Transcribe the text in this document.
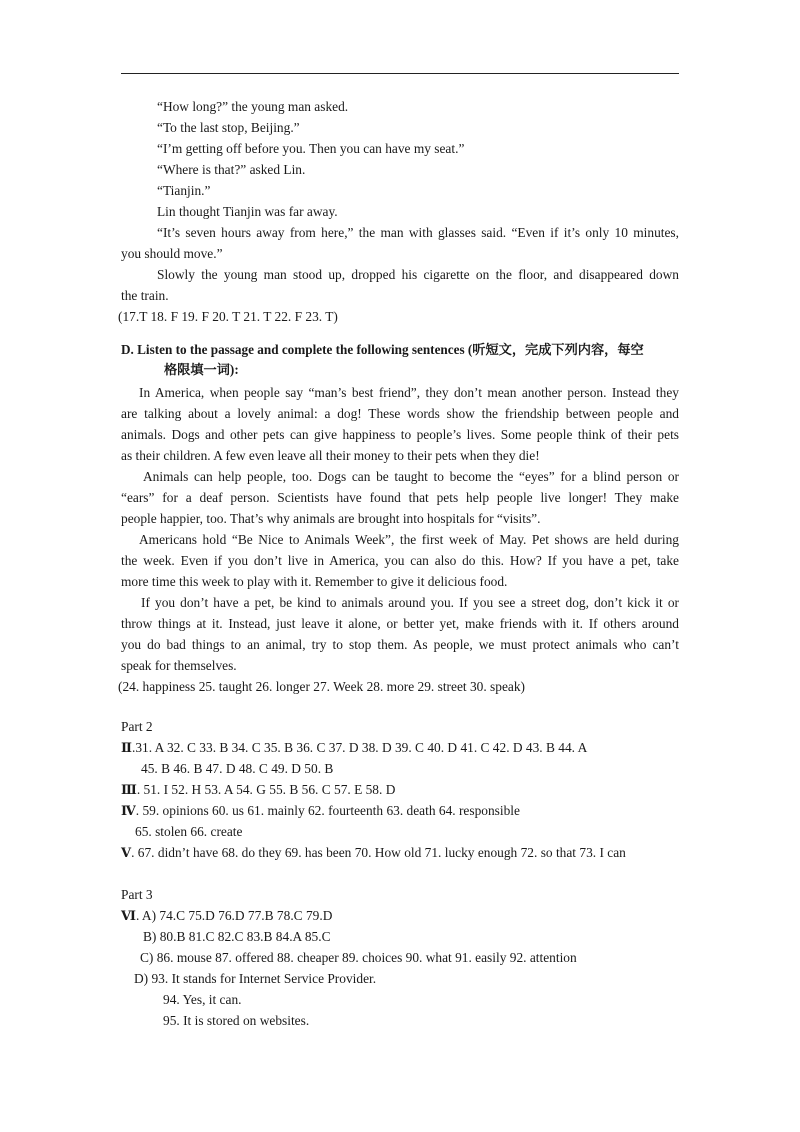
“How long?” the young man asked.
“To the last stop, Beijing.”
“I’m getting off before you. Then you can have my seat.”
“Where is that?” asked Lin.
“Tianjin.”
Lin thought Tianjin was far away.
“It’s seven hours away from here,” the man with glasses said. “Even if it’s only 10 minutes,
you should move.”
Slowly the young man stood up, dropped his cigarette on the floor, and disappeared down
the train.
(17.T 18. F 19. F 20. T 21. T 22. F 23. T)
D. Listen to the passage and complete the following sentences (听短文，完成下列内容，每空
格限填一词):
In America, when people say “man’s best friend”, they don’t mean another person. Instead they
are talking about a lovely animal: a dog! These words show the friendship between people and
animals. Dogs and other pets can give happiness to people’s lives. Some people think of their pets
as their children. A few even leave all their money to their pets when they die!
Animals can help people, too. Dogs can be taught to become the “eyes” for a blind person or
“ears” for a deaf person. Scientists have found that pets help people live longer! They make
people happier, too. That’s why animals are brought into hospitals for “visits”.
Americans hold “Be Nice to Animals Week”, the first week of May. Pet shows are held during
the week. Even if you don’t live in America, you can also do this. How? If you have a pet, take
more time this week to play with it. Remember to give it delicious food.
If you don’t have a pet, be kind to animals around you. If you see a street dog, don’t kick it or
throw things at it. Instead, just leave it alone, or better yet, make friends with it. If others around
you do bad things to an animal, try to stop them. As people, we must protect animals who can’t
speak for themselves.
(24. happiness 25. taught 26. longer 27. Week 28. more 29. street 30. speak)
Part 2
Ⅱ.31. A 32. C 33. B 34. C 35. B 36. C 37. D 38. D 39. C 40. D 41. C 42. D 43. B 44. A
45. B 46. B 47. D 48. C 49. D 50. B
Ⅲ. 51. I 52. H 53. A 54. G 55. B 56. C 57. E 58. D
Ⅳ. 59. opinions 60. us 61. mainly 62. fourteenth 63. death 64. responsible
65. stolen 66. create
Ⅴ. 67. didn’t have 68. do they 69. has been 70. How old 71. lucky enough 72. so that 73. I can
Part 3
Ⅵ. A) 74.C 75.D 76.D 77.B 78.C 79.D
B) 80.B 81.C 82.C 83.B 84.A 85.C
C) 86. mouse 87. offered 88. cheaper 89. choices 90. what 91. easily 92. attention
D) 93. It stands for Internet Service Provider.
94. Yes, it can.
95. It is stored on websites.
